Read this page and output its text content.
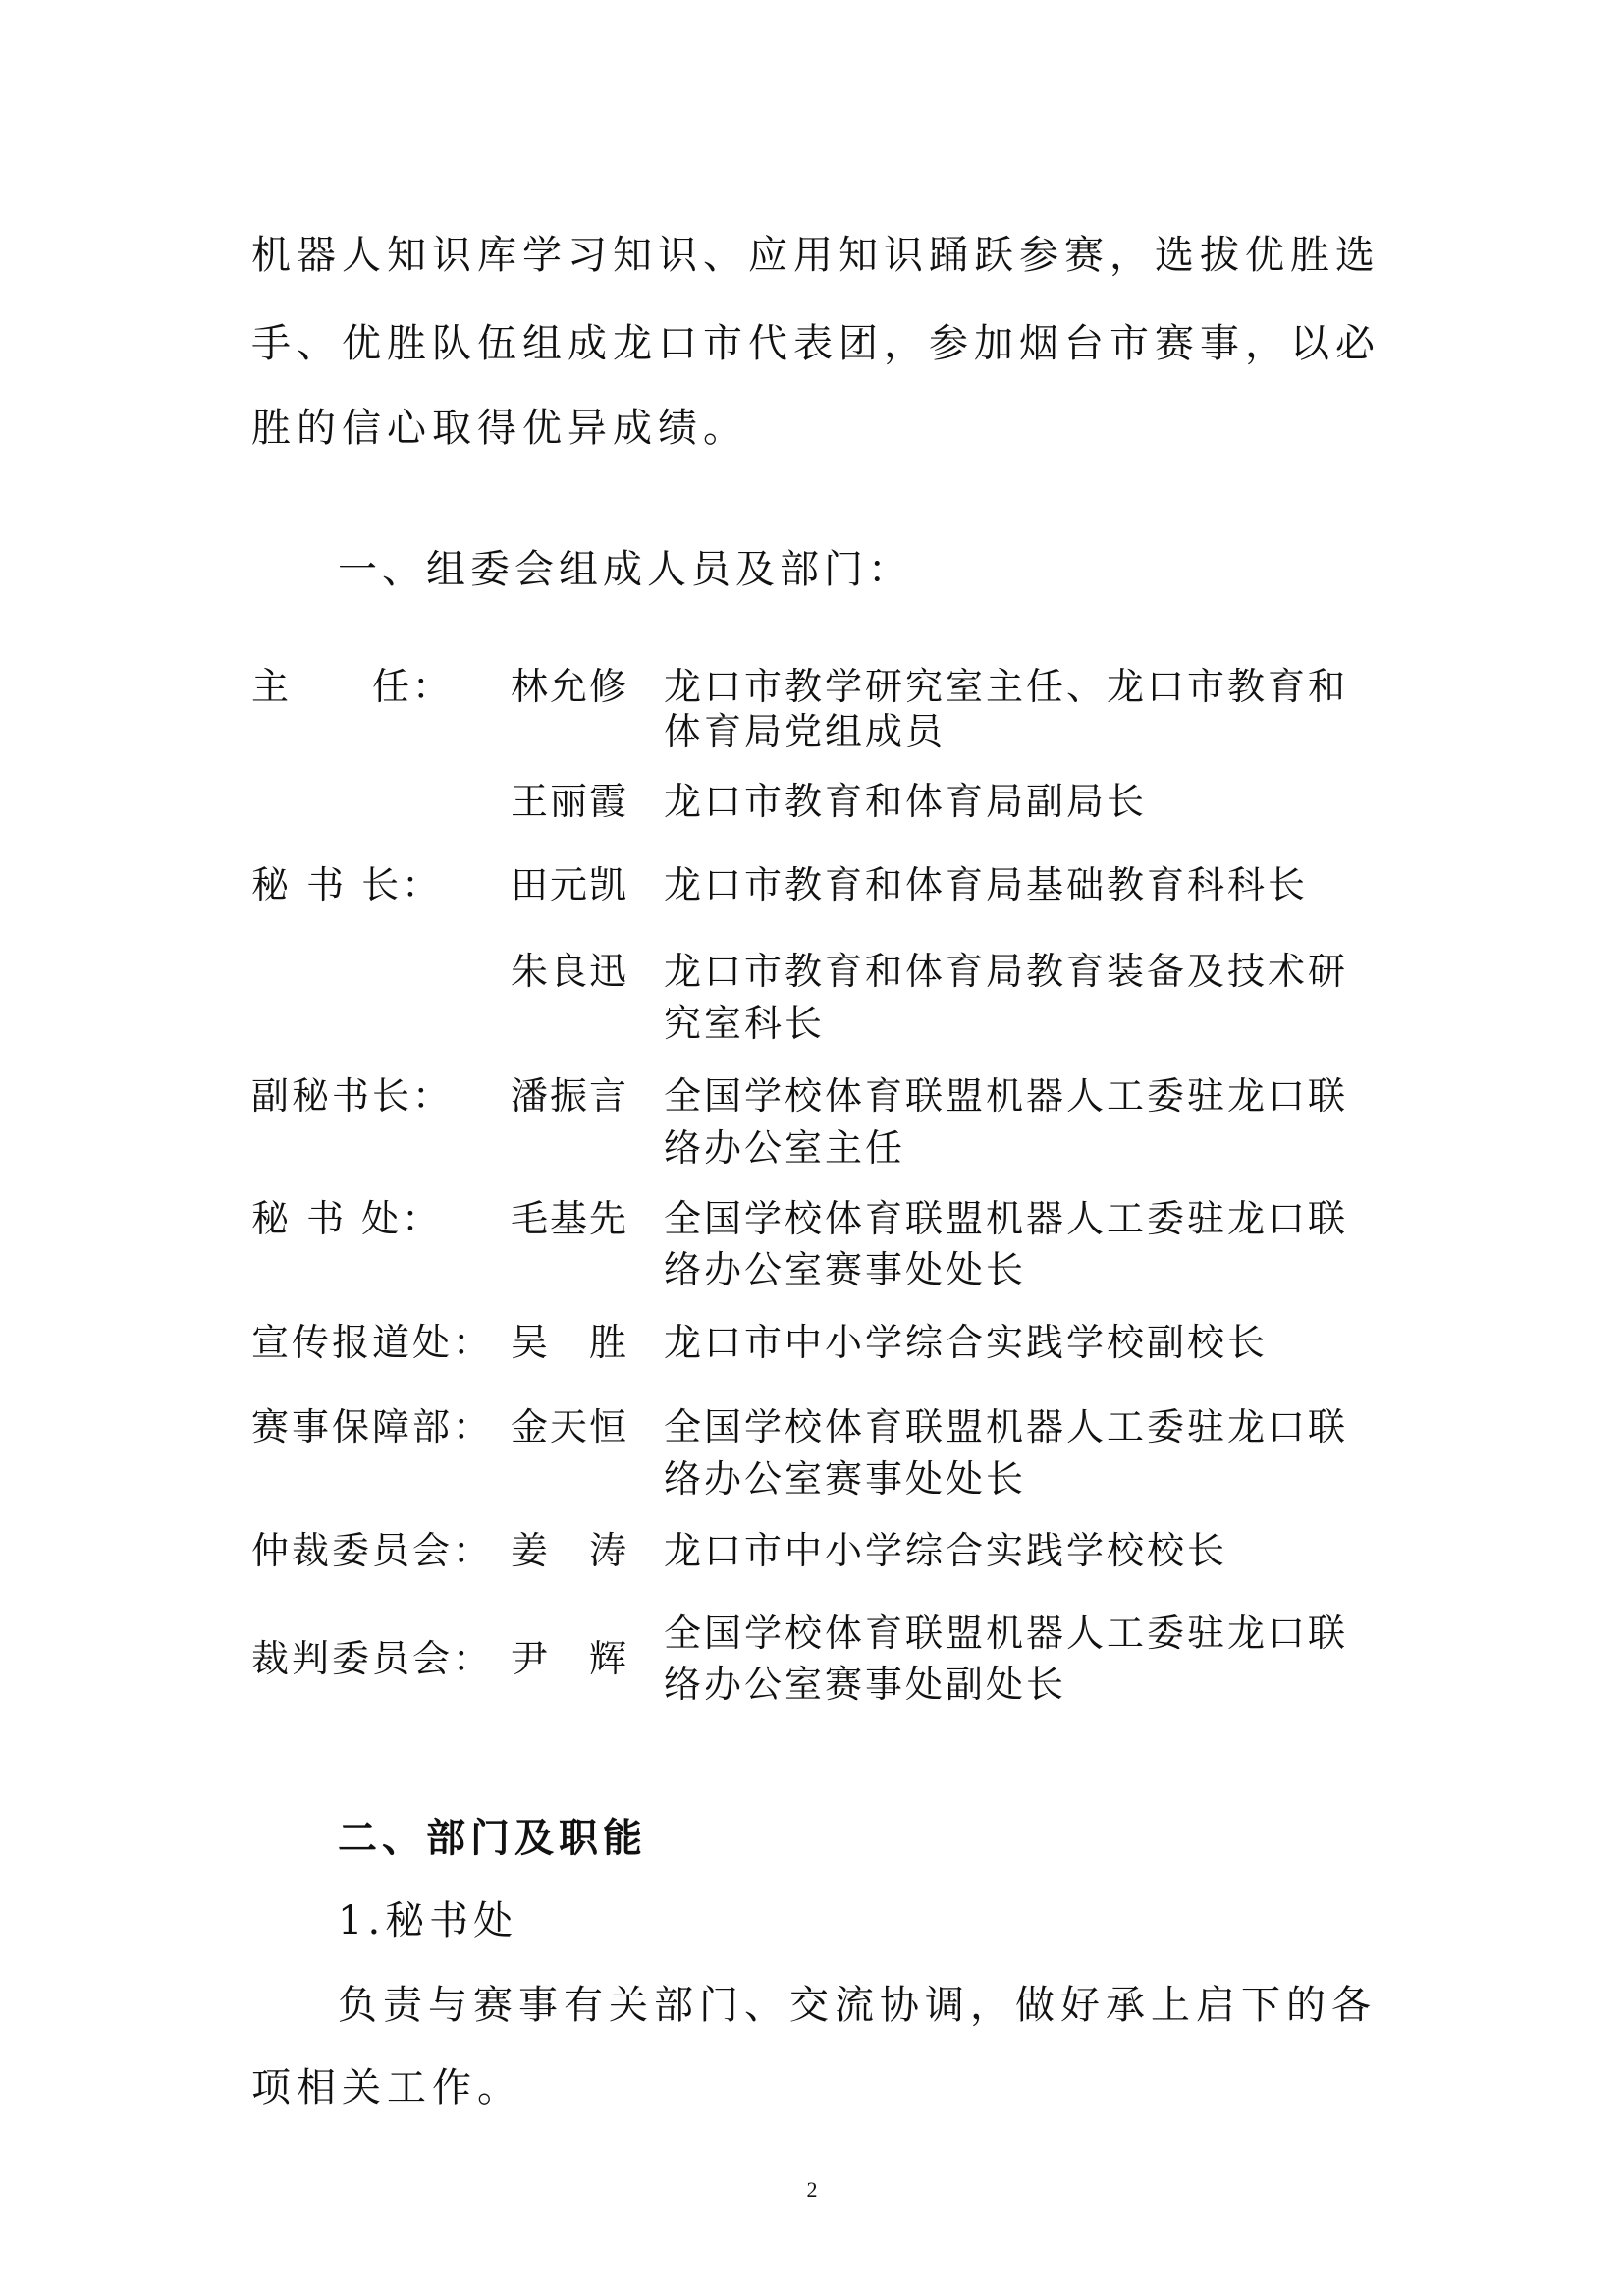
机器人知识库学习知识、应用知识踊跃参赛，选拔优胜选
手、优胜队伍组成龙口市代表团，参加烟台市赛事，以必
胜的信心取得优异成绩。
一、组委会组成人员及部门：
主　　任： 林允修 龙口市教学研究室主任、龙口市教育和
体育局党组成员
王丽霞 龙口市教育和体育局副局长
秘 书 长： 田元凯 龙口市教育和体育局基础教育科科长
朱良迅 龙口市教育和体育局教育装备及技术研
究室科长
副秘书长： 潘振言 全国学校体育联盟机器人工委驻龙口联
络办公室主任
秘 书 处： 毛基先 全国学校体育联盟机器人工委驻龙口联
络办公室赛事处处长
宣传报道处： 吴　胜 龙口市中小学综合实践学校副校长
赛事保障部： 金天恒 全国学校体育联盟机器人工委驻龙口联
络办公室赛事处处长
仲裁委员会： 姜　涛 龙口市中小学综合实践学校校长
裁判委员会： 尹　辉
全国学校体育联盟机器人工委驻龙口联
络办公室赛事处副处长
二、部门及职能
1.秘书处
负责与赛事有关部门、交流协调，做好承上启下的各
项相关工作。
2
